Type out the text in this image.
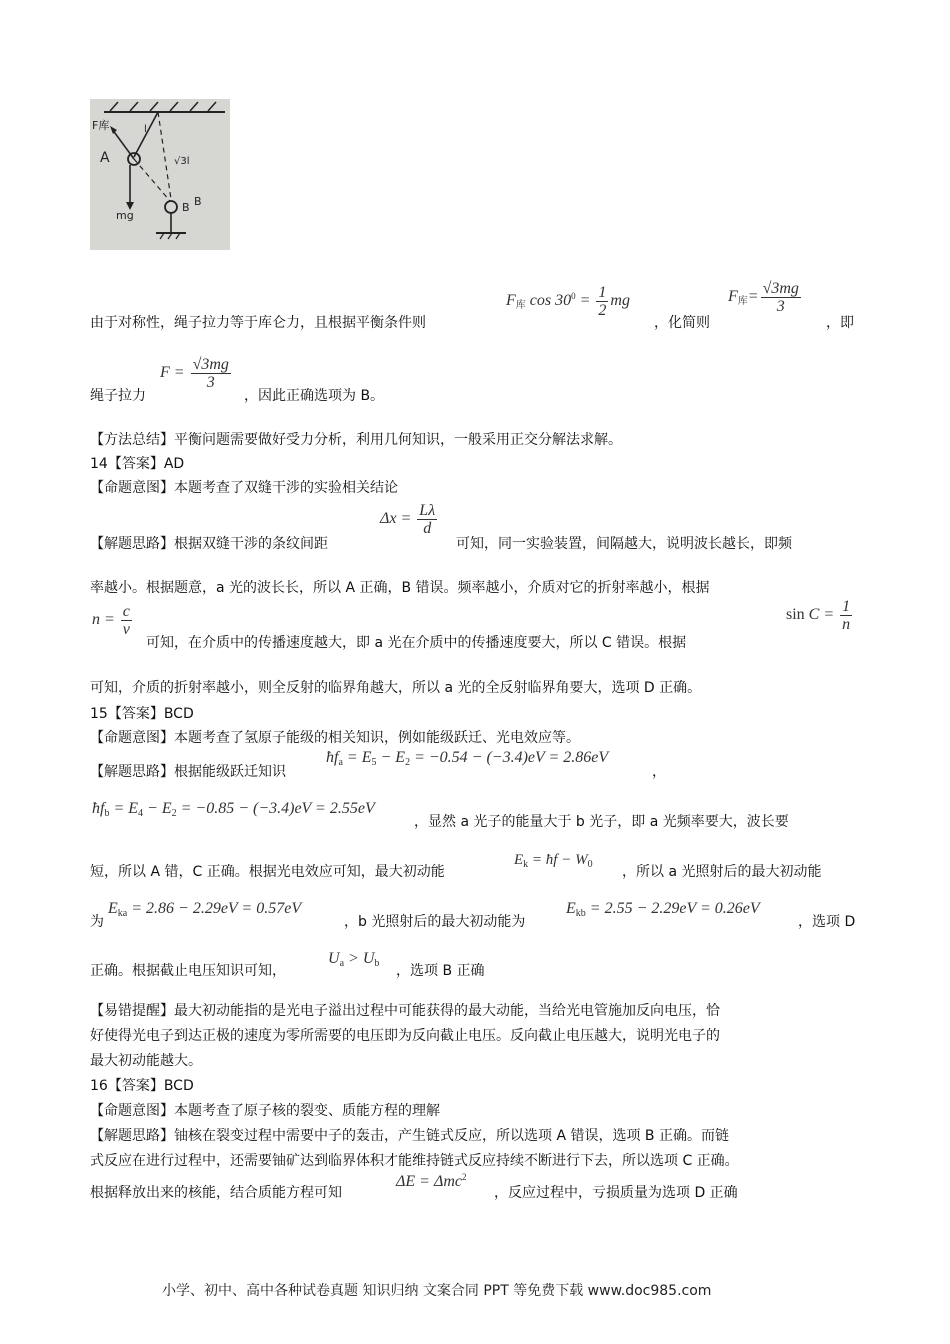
F库	l
A	√3l
mg
B B
由于对称性，绳子拉力等于库仑力，且根据平衡条件则
$F_库$ $\cos 30^0 = \frac{1}{2}$ mg
，化简则
$F_库= \frac{√3mg}{3}$
，即
绳子拉力
$F = \frac{√3mg}{3}$
，因此正确选项为 B。
【方法总结】平衡问题需要做好受力分析，利用几何知识，一般采用正交分解法求解。
14【答案】AD
【命题意图】本题考查了双缝干涉的实验相关结论
【解题思路】根据双缝干涉的条纹间距
$\Delta x = \frac{L\lambda}{d}$
可知，同一实验装置，间隔越大，说明波长越长，即频
率越小。根据题意，a 光的波长长，所以 A 正确，B 错误。频率越小，介质对它的折射率越小，根据
$n = \frac{c}{v}$
可知，在介质中的传播速度越大，即 a 光在介质中的传播速度要大，所以 C 错误。根据
$\sin C = \frac{1}{n}$
可知，介质的折射率越小，则全反射的临界角越大，所以 a 光的全反射临界角要大，选项 D 正确。
15【答案】BCD
【命题意图】本题考查了氢原子能级的相关知识，例如能级跃迁、光电效应等。
【解题思路】根据能级跃迁知识
$ħf_a = E_5 - E_2 = -0.54 - (-3.4)eV = 2.86eV$
，
$ħf_b = E_4 - E_2 = -0.85 - (-3.4)eV = 2.55eV$
，显然 a 光子的能量大于 b 光子，即 a 光频率要大，波长要
短，所以 A 错，C 正确。根据光电效应可知，最大初动能
$E_k$ = ħf − $W_0$ ，所以 a 光照射后的最大初动能
为
$E_{ka} = 2.86 - 2.29eV = 0.57eV$
，b 光照射后的最大初动能为
$E_{kb} = 2.55 - 2.29eV = 0.26eV$
，选项 D
正确。根据截止电压知识可知，
$U_a > U_b$ ，选项 B 正确
【易错提醒】最大初动能指的是光电子溢出过程中可能获得的最大动能，当给光电管施加反向电压，恰
好使得光电子到达正极的速度为零所需要的电压即为反向截止电压。反向截止电压越大，说明光电子的
最大初动能越大。
16【答案】BCD
【命题意图】本题考查了原子核的裂变、质能方程的理解
【解题思路】铀核在裂变过程中需要中子的轰击，产生链式反应，所以选项 A 错误，选项 B 正确。而链
式反应在进行过程中，还需要铀矿达到临界体积才能维持链式反应持续不断进行下去，所以选项 C 正确。
根据释放出来的核能，结合质能方程可知
ΔE = Δmc$^2$
，反应过程中，亏损质量为选项 D 正确
小学、初中、高中各种试卷真题 知识归纳 文案合同 PPT 等免费下载 www.doc985.com
